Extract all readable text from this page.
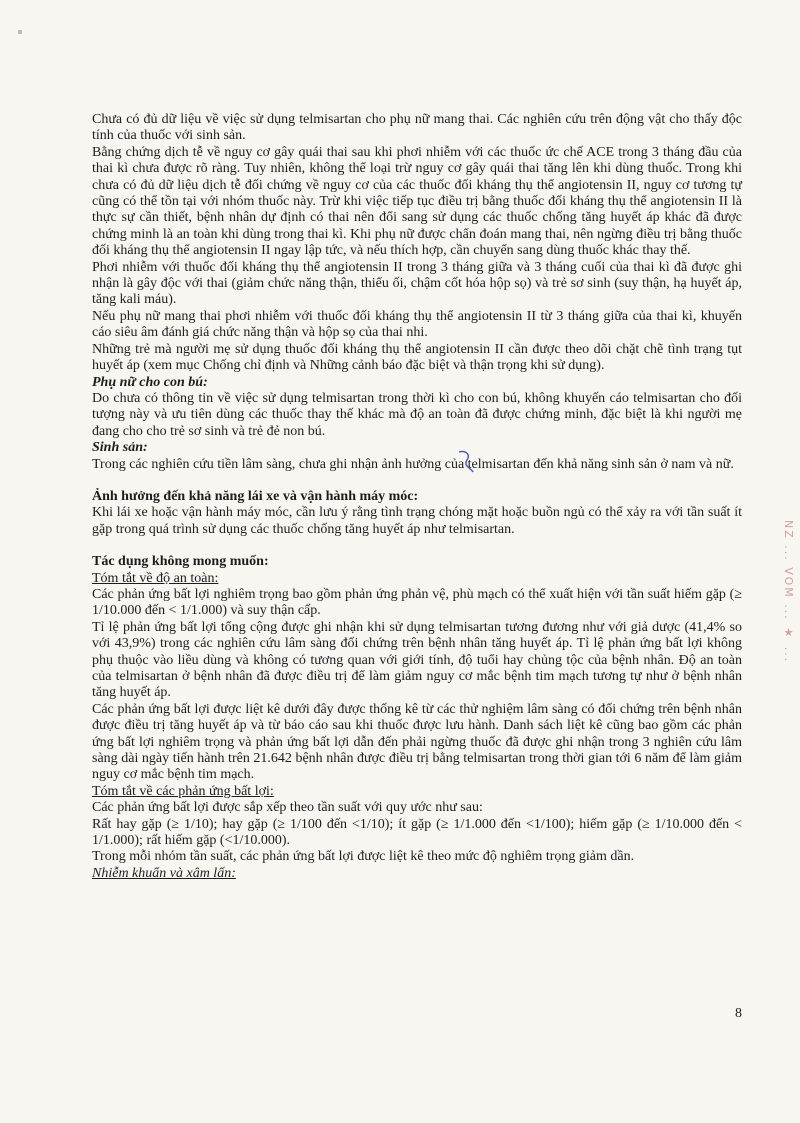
Chưa có đủ dữ liệu về việc sử dụng telmisartan cho phụ nữ mang thai. Các nghiên cứu trên động vật cho thấy độc tính của thuốc với sinh sản.

Bằng chứng dịch tễ về nguy cơ gây quái thai sau khi phơi nhiễm với các thuốc ức chế ACE trong 3 tháng đầu của thai kì chưa được rõ ràng. Tuy nhiên, không thể loại trừ nguy cơ gây quái thai tăng lên khi dùng thuốc. Trong khi chưa có đủ dữ liệu dịch tễ đối chứng về nguy cơ của các thuốc đối kháng thụ thể angiotensin II, nguy cơ tương tự cũng có thể tồn tại với nhóm thuốc này. Trừ khi việc tiếp tục điều trị bằng thuốc đối kháng thụ thể angiotensin II là thực sự cần thiết, bệnh nhân dự định có thai nên đổi sang sử dụng các thuốc chống tăng huyết áp khác đã được chứng minh là an toàn khi dùng trong thai kì. Khi phụ nữ được chẩn đoán mang thai, nên ngừng điều trị bằng thuốc đối kháng thụ thể angiotensin II ngay lập tức, và nếu thích hợp, cần chuyển sang dùng thuốc khác thay thế.

Phơi nhiễm với thuốc đối kháng thụ thể angiotensin II trong 3 tháng giữa và 3 tháng cuối của thai kì đã được ghi nhận là gây độc với thai (giảm chức năng thận, thiểu ối, chậm cốt hóa hộp sọ) và trẻ sơ sinh (suy thận, hạ huyết áp, tăng kali máu).

Nếu phụ nữ mang thai phơi nhiễm với thuốc đối kháng thụ thể angiotensin II từ 3 tháng giữa của thai kì, khuyến cáo siêu âm đánh giá chức năng thận và hộp sọ của thai nhi.

Những trẻ mà người mẹ sử dụng thuốc đối kháng thụ thể angiotensin II cần được theo dõi chặt chẽ tình trạng tụt huyết áp (xem mục Chống chỉ định và Những cảnh báo đặc biệt và thận trọng khi sử dụng).

Phụ nữ cho con bú:

Do chưa có thông tin về việc sử dụng telmisartan trong thời kì cho con bú, không khuyến cáo telmisartan cho đối tượng này và ưu tiên dùng các thuốc thay thế khác mà độ an toàn đã được chứng minh, đặc biệt là khi người mẹ đang cho cho trẻ sơ sinh và trẻ đẻ non bú.

Sinh sản:

Trong các nghiên cứu tiền lâm sàng, chưa ghi nhận ảnh hưởng của telmisartan đến khả năng sinh sản ở nam và nữ.

Ảnh hưởng đến khả năng lái xe và vận hành máy móc:

Khi lái xe hoặc vận hành máy móc, cần lưu ý rằng tình trạng chóng mặt hoặc buồn ngủ có thể xảy ra với tần suất ít gặp trong quá trình sử dụng các thuốc chống tăng huyết áp như telmisartan.

Tác dụng không mong muốn:

Tóm tắt về độ an toàn:

Các phản ứng bất lợi nghiêm trọng bao gồm phản ứng phản vệ, phù mạch có thể xuất hiện với tần suất hiếm gặp (≥ 1/10.000 đến < 1/1.000) và suy thận cấp.

Tỉ lệ phản ứng bất lợi tổng cộng được ghi nhận khi sử dụng telmisartan tương đương như với giả dược (41,4% so với 43,9%) trong các nghiên cứu lâm sàng đối chứng trên bệnh nhân tăng huyết áp. Tỉ lệ phản ứng bất lợi không phụ thuộc vào liều dùng và không có tương quan với giới tính, độ tuổi hay chủng tộc của bệnh nhân. Độ an toàn của telmisartan ở bệnh nhân đã được điều trị để làm giảm nguy cơ mắc bệnh tim mạch tương tự như ở bệnh nhân tăng huyết áp.

Các phản ứng bất lợi được liệt kê dưới đây được thống kê từ các thử nghiệm lâm sàng có đối chứng trên bệnh nhân được điều trị tăng huyết áp và từ báo cáo sau khi thuốc được lưu hành. Danh sách liệt kê cũng bao gồm các phản ứng bất lợi nghiêm trọng và phản ứng bất lợi dẫn đến phải ngừng thuốc đã được ghi nhận trong 3 nghiên cứu lâm sàng dài ngày tiến hành trên 21.642 bệnh nhân được điều trị bằng telmisartan trong thời gian tới 6 năm để làm giảm nguy cơ mắc bệnh tim mạch.

Tóm tắt về các phản ứng bất lợi:

Các phản ứng bất lợi được sắp xếp theo tần suất với quy ước như sau:

Rất hay gặp (≥ 1/10); hay gặp (≥ 1/100 đến <1/10); ít gặp (≥ 1/1.000 đến <1/100); hiếm gặp (≥ 1/10.000 đến < 1/1.000); rất hiếm gặp (<1/10.000).

Trong mỗi nhóm tần suất, các phản ứng bất lợi được liệt kê theo mức độ nghiêm trọng giảm dần.

Nhiễm khuẩn và xâm lấn:

NZ ... VOM ... ★ ...
8
